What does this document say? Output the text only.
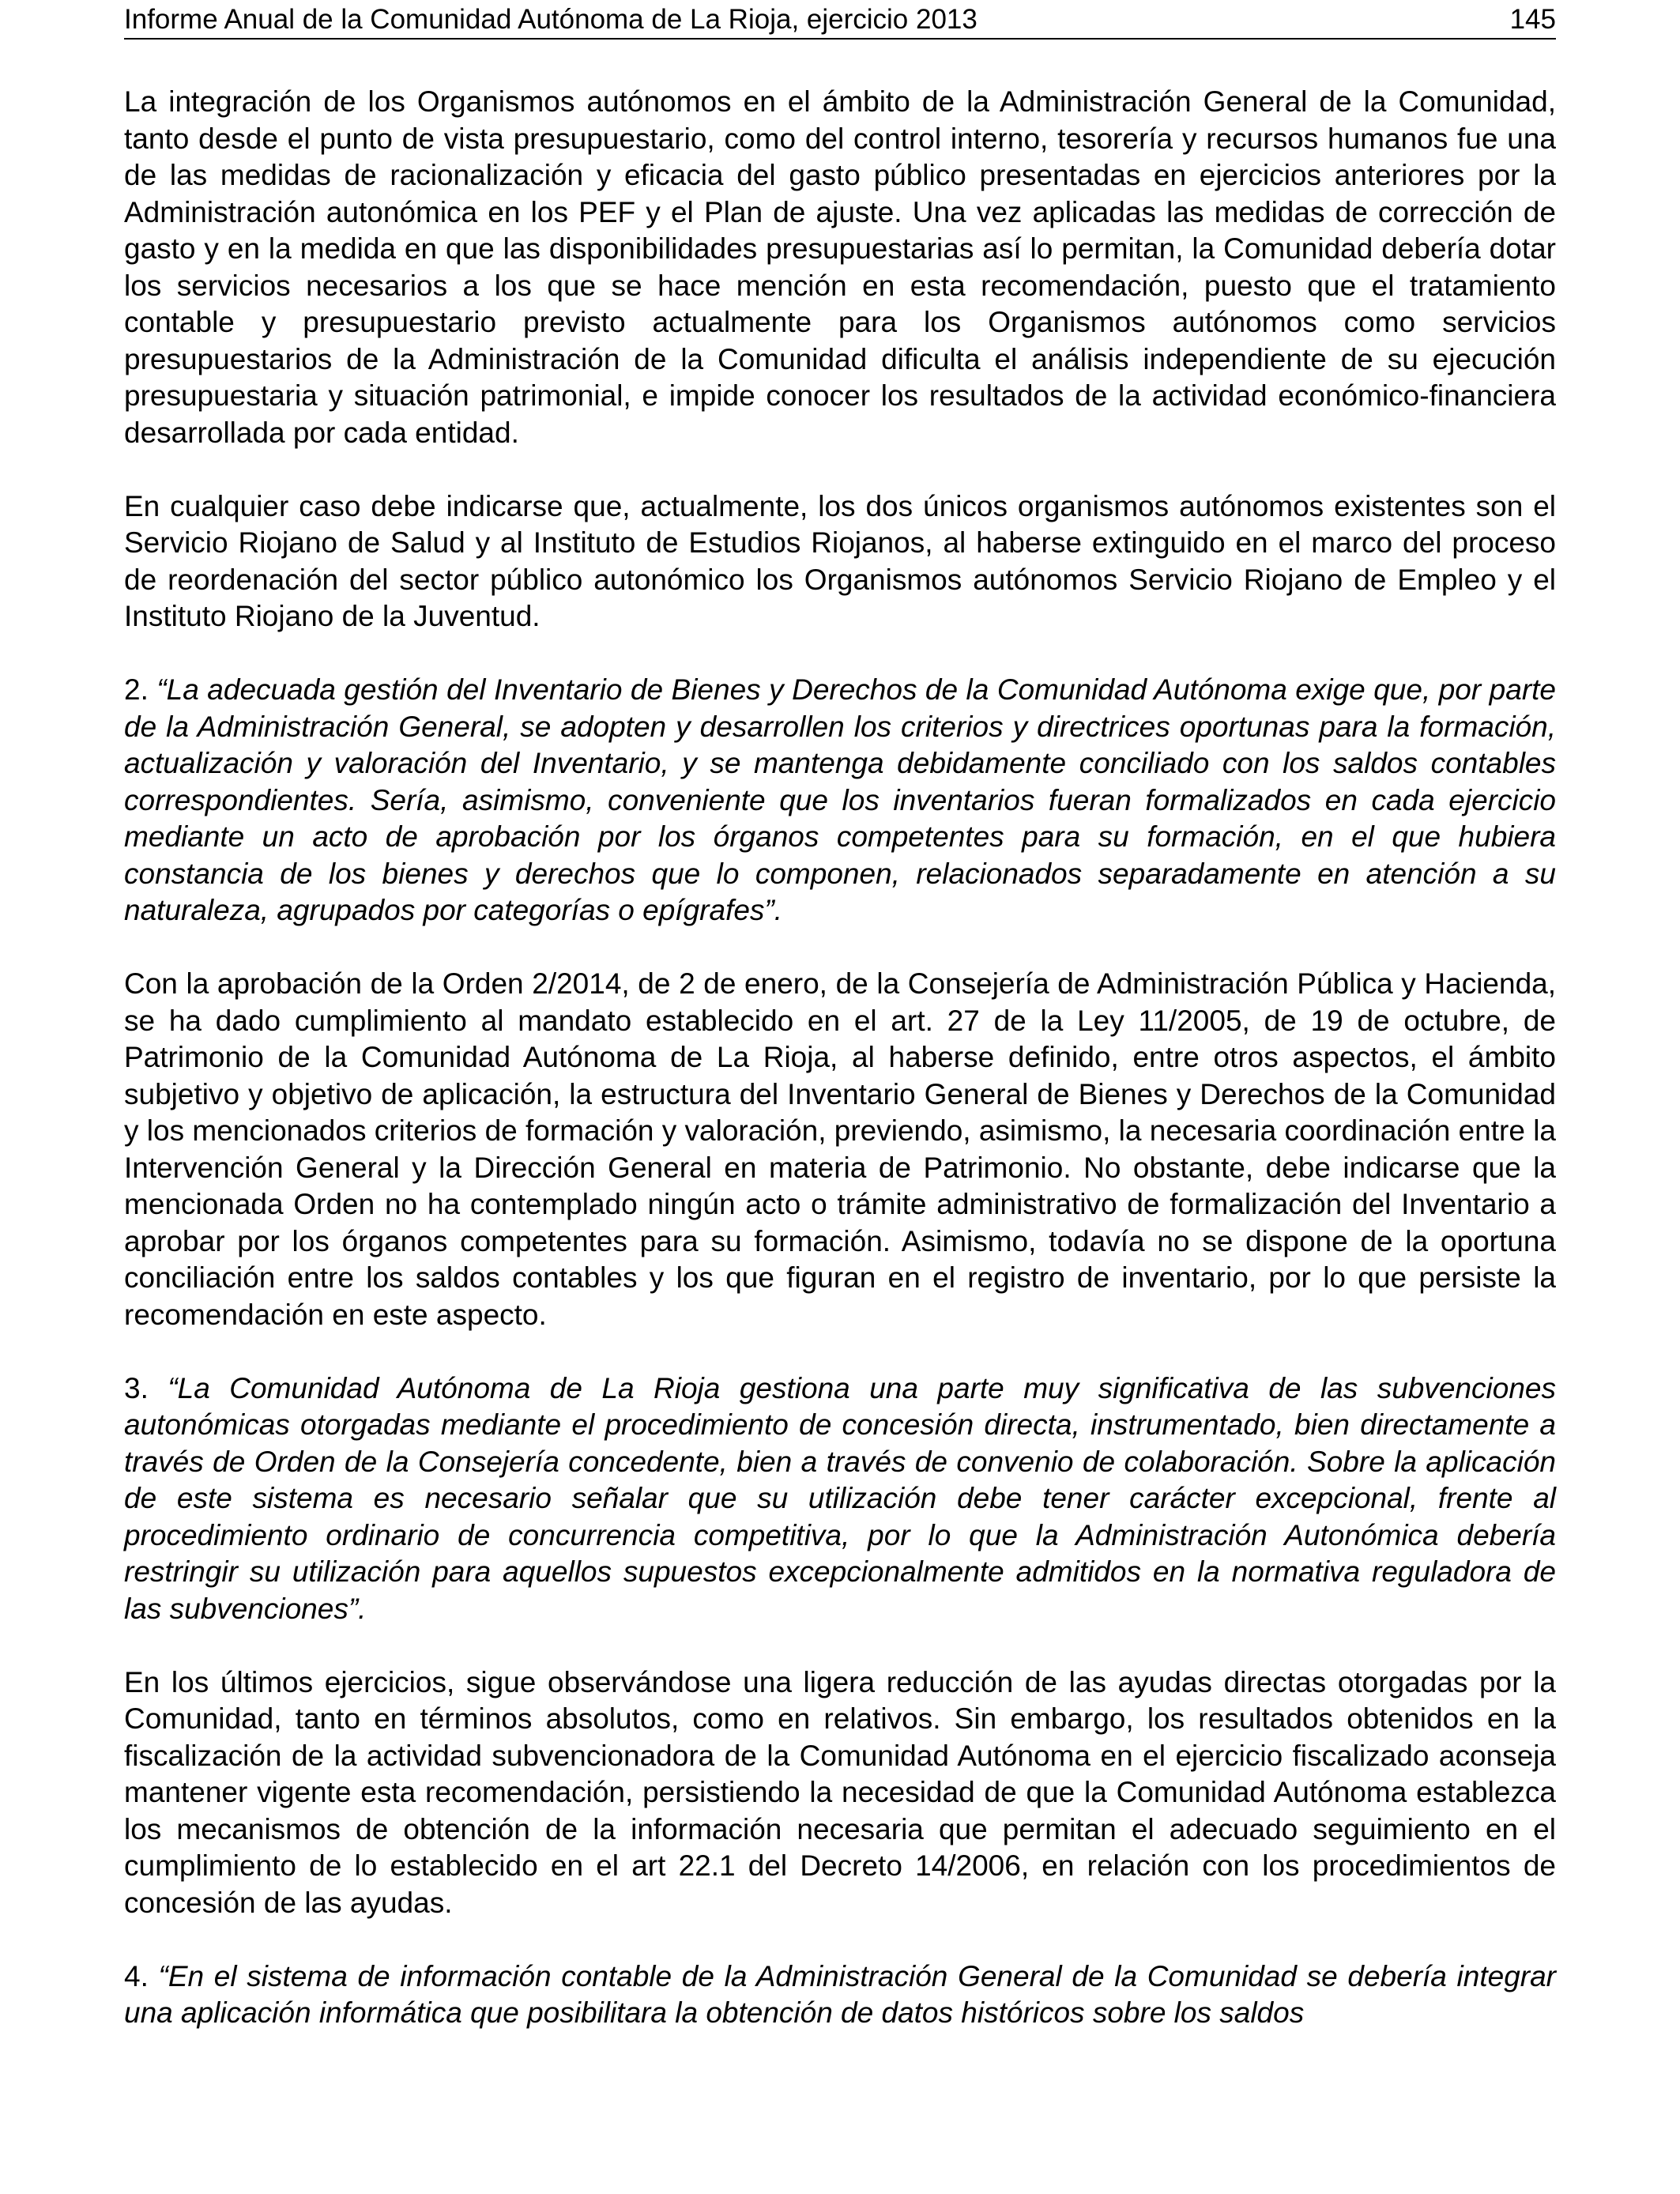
Informe Anual de la Comunidad Autónoma de La Rioja, ejercicio 2013	145

La integración de los Organismos autónomos en el ámbito de la Administración General de la Comunidad, tanto desde el punto de vista presupuestario, como del control interno, tesorería y recursos humanos fue una de las medidas de racionalización y eficacia del gasto público presentadas en ejercicios anteriores por la Administración autonómica en los PEF y el Plan de ajuste. Una vez aplicadas las medidas de corrección de gasto y en la medida en que las disponibilidades presupuestarias así lo permitan, la Comunidad debería dotar los servicios necesarios a los que se hace mención en esta recomendación, puesto que el tratamiento contable y presupuestario previsto actualmente para los Organismos autónomos como servicios presupuestarios de la Administración de la Comunidad dificulta el análisis independiente de su ejecución presupuestaria y situación patrimonial, e impide conocer los resultados de la actividad económico-financiera desarrollada por cada entidad.

En cualquier caso debe indicarse que, actualmente, los dos únicos organismos autónomos existentes son el Servicio Riojano de Salud y al Instituto de Estudios Riojanos, al haberse extinguido en el marco del proceso de reordenación del sector público autonómico los Organismos autónomos Servicio Riojano de Empleo y el Instituto Riojano de la Juventud.

2. “La adecuada gestión del Inventario de Bienes y Derechos de la Comunidad Autónoma exige que, por parte de la Administración General, se adopten y desarrollen los criterios y directrices oportunas para la formación, actualización y valoración del Inventario, y se mantenga debidamente conciliado con los saldos contables correspondientes. Sería, asimismo, conveniente que los inventarios fueran formalizados en cada ejercicio mediante un acto de aprobación por los órganos competentes para su formación, en el que hubiera constancia de los bienes y derechos que lo componen, relacionados separadamente en atención a su naturaleza, agrupados por categorías o epígrafes”.

Con la aprobación de la Orden 2/2014, de 2 de enero, de la Consejería de Administración Pública y Hacienda, se ha dado cumplimiento al mandato establecido en el art. 27 de la Ley 11/2005, de 19 de octubre, de Patrimonio de la Comunidad Autónoma de La Rioja, al haberse definido, entre otros aspectos, el ámbito subjetivo y objetivo de aplicación, la estructura del Inventario General de Bienes y Derechos de la Comunidad y los mencionados criterios de formación y valoración, previendo, asimismo, la necesaria coordinación entre la Intervención General y la Dirección General en materia de Patrimonio. No obstante, debe indicarse que la mencionada Orden no ha contemplado ningún acto o trámite administrativo de formalización del Inventario a aprobar por los órganos competentes para su formación. Asimismo, todavía no se dispone de la oportuna conciliación entre los saldos contables y los que figuran en el registro de inventario, por lo que persiste la recomendación en este aspecto.

3. “La Comunidad Autónoma de La Rioja gestiona una parte muy significativa de las subvenciones autonómicas otorgadas mediante el procedimiento de concesión directa, instrumentado, bien directamente a través de Orden de la Consejería concedente, bien a través de convenio de colaboración. Sobre la aplicación de este sistema es necesario señalar que su utilización debe tener carácter excepcional, frente al procedimiento ordinario de concurrencia competitiva, por lo que la Administración Autonómica debería restringir su utilización para aquellos supuestos excepcionalmente admitidos en la normativa reguladora de las subvenciones”.

En los últimos ejercicios, sigue observándose una ligera reducción de las ayudas directas otorgadas por la Comunidad, tanto en términos absolutos, como en relativos. Sin embargo, los resultados obtenidos en la fiscalización de la actividad subvencionadora de la Comunidad Autónoma en el ejercicio fiscalizado aconseja mantener vigente esta recomendación, persistiendo la necesidad de que la Comunidad Autónoma establezca los mecanismos de obtención de la información necesaria que permitan el adecuado seguimiento en el cumplimiento de lo establecido en el art 22.1 del Decreto 14/2006, en relación con los procedimientos de concesión de las ayudas.

4. “En el sistema de información contable de la Administración General de la Comunidad se debería integrar una aplicación informática que posibilitara la obtención de datos históricos sobre los saldos
